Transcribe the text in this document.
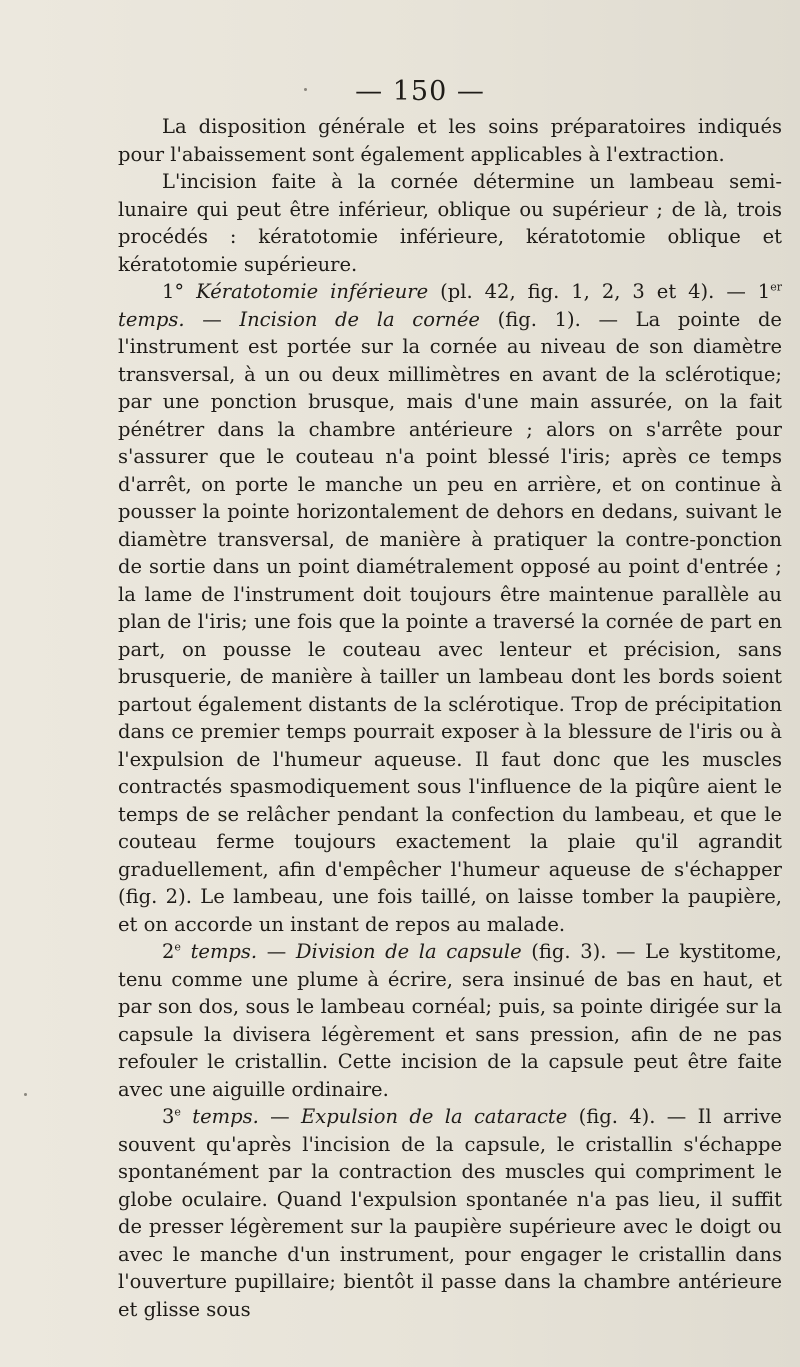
— 150 —

La disposition générale et les soins préparatoires indiqués pour l'abaissement sont également applicables à l'extraction.

L'incision faite à la cornée détermine un lambeau semi-lunaire qui peut être inférieur, oblique ou supérieur ; de là, trois procédés : kératotomie inférieure, kératotomie oblique et kératotomie supérieure.

1° Kératotomie inférieure (pl. 42, fig. 1, 2, 3 et 4). — 1er temps. — Incision de la cornée (fig. 1). — La pointe de l'instrument est portée sur la cornée au niveau de son diamètre transversal, à un ou deux millimètres en avant de la sclérotique; par une ponction brusque, mais d'une main assurée, on la fait pénétrer dans la chambre antérieure ; alors on s'arrête pour s'assurer que le couteau n'a point blessé l'iris; après ce temps d'arrêt, on porte le manche un peu en arrière, et on continue à pousser la pointe horizontalement de dehors en dedans, suivant le diamètre transversal, de manière à pratiquer la contre-ponction de sortie dans un point diamétralement opposé au point d'entrée ; la lame de l'instrument doit toujours être maintenue parallèle au plan de l'iris; une fois que la pointe a traversé la cornée de part en part, on pousse le couteau avec lenteur et précision, sans brusquerie, de manière à tailler un lambeau dont les bords soient partout également distants de la sclérotique. Trop de précipitation dans ce premier temps pourrait exposer à la blessure de l'iris ou à l'expulsion de l'humeur aqueuse. Il faut donc que les muscles contractés spasmodiquement sous l'influence de la piqûre aient le temps de se relâcher pendant la confection du lambeau, et que le couteau ferme toujours exactement la plaie qu'il agrandit graduellement, afin d'empêcher l'humeur aqueuse de s'échapper (fig. 2). Le lambeau, une fois taillé, on laisse tomber la paupière, et on accorde un instant de repos au malade.

2e temps. — Division de la capsule (fig. 3). — Le kystitome, tenu comme une plume à écrire, sera insinué de bas en haut, et par son dos, sous le lambeau cornéal; puis, sa pointe dirigée sur la capsule la divisera légèrement et sans pression, afin de ne pas refouler le cristallin. Cette incision de la capsule peut être faite avec une aiguille ordinaire.

3e temps. — Expulsion de la cataracte (fig. 4). — Il arrive souvent qu'après l'incision de la capsule, le cristallin s'échappe spontanément par la contraction des muscles qui compriment le globe oculaire. Quand l'expulsion spontanée n'a pas lieu, il suffit de presser légèrement sur la paupière supérieure avec le doigt ou avec le manche d'un instrument, pour engager le cristallin dans l'ouverture pupillaire; bientôt il passe dans la chambre antérieure et glisse sous
